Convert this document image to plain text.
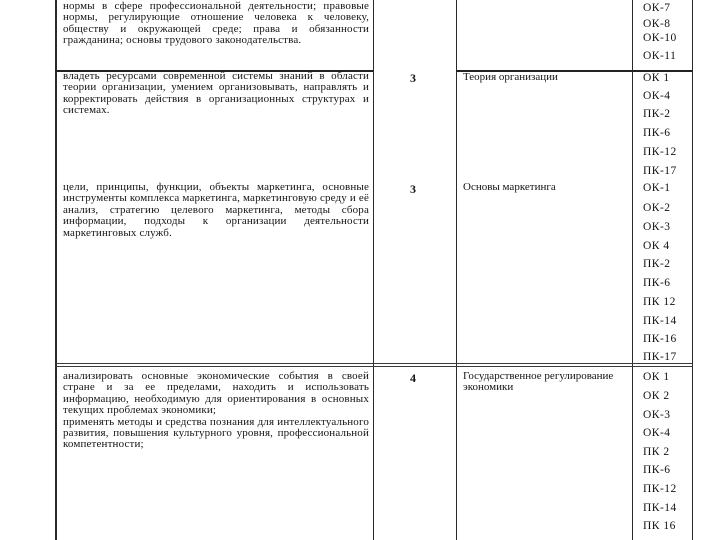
нормы в сфере профессиональной деятельности; правовые нормы, регулирующие отношение человека к человеку, обществу и окружающей среде; права и обязанности гражданина; основы трудового законодательства.

ОК-7
ОК-8
ОК-10
ОК-11

владеть ресурсами современной системы знаний в области теории организации, умением организовывать, направлять и корректировать действия в организационных структурах и системах.

3	Теория организации	ОК 1
ОК-4
ПК-2
ПК-6
ПК-12
ПК-17

цели, принципы, функции, объекты маркетинга, основные инструменты комплекса маркетинга, маркетинговую среду и её анализ, стратегию целевого маркетинга, методы сбора информации, подходы к организации деятельности маркетинговых служб.

3	Основы маркетинга	ОК-1
ОК-2
ОК-3
ОК 4
ПК-2
ПК-6
ПК 12
ПК-14
ПК-16
ПК-17

анализировать основные экономические события в своей стране и за ее пределами, находить и использовать информацию, необходимую для ориентирования в основных текущих проблемах экономики;

применять методы и средства познания для интеллектуального развития, повышения культурного уровня, профессиональной компетентности;

4	Государственное регулирование экономики
ОК 1
ОК 2
ОК-3
ОК-4
ПК 2
ПК-6
ПК-12
ПК-14
ПК 16
